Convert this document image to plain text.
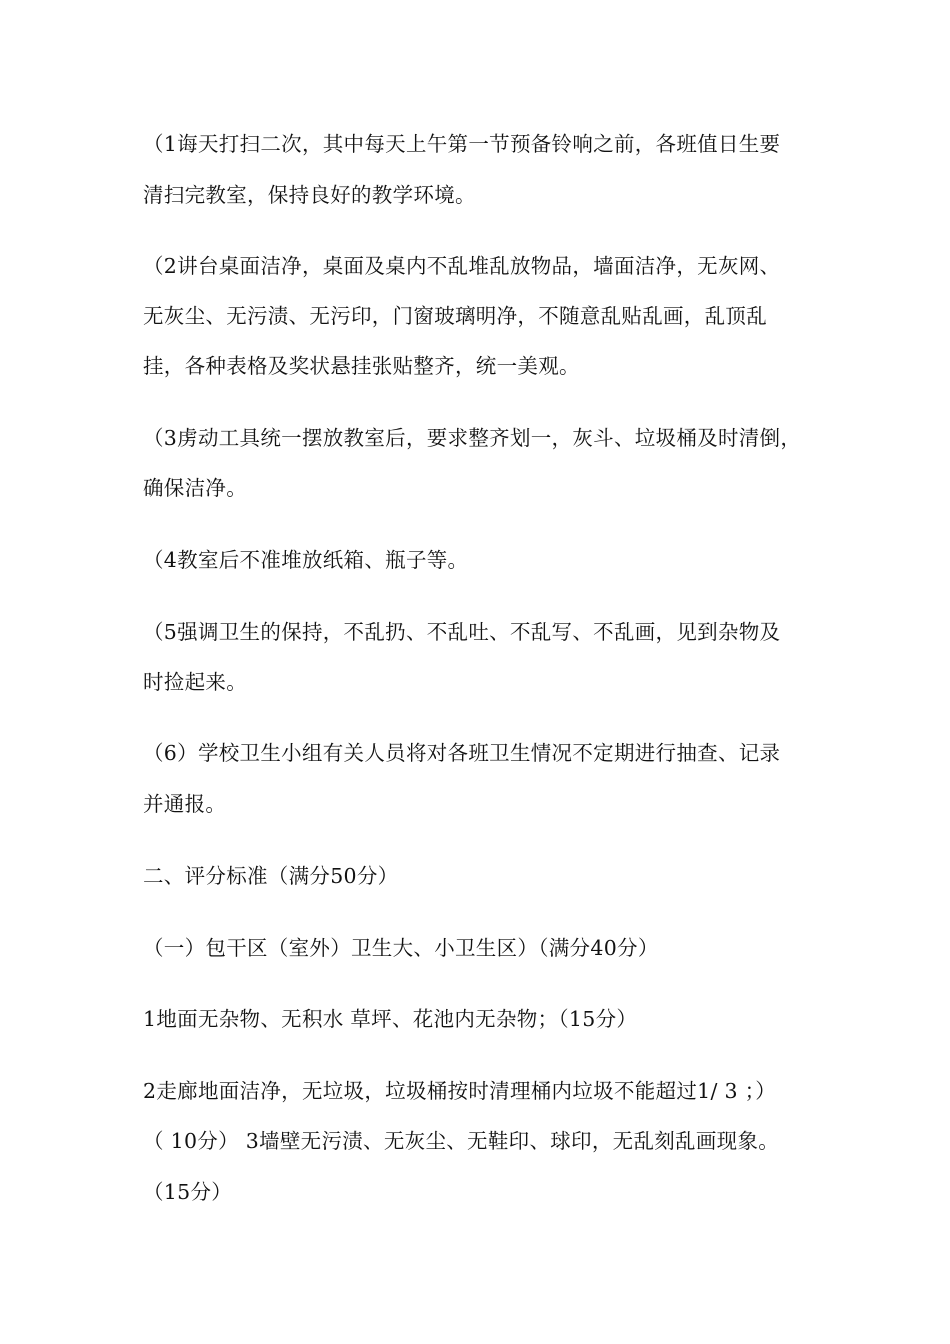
（1诲天打扫二次，其中每天上午第一节预备铃响之前，各班值日生要
清扫完教室，保持良好的教学环境。
（2讲台桌面洁净，桌面及桌内不乱堆乱放物品，墙面洁净，无灰网、
无灰尘、无污渍、无污印，门窗玻璃明净，不随意乱贴乱画，乱顶乱
挂，各种表格及奖状悬挂张贴整齐，统一美观。
（3虏动工具统一摆放教室后，要求整齐划一，灰斗、垃圾桶及时清倒，
确保洁净。
（4教室后不准堆放纸箱、瓶子等。
（5强调卫生的保持，不乱扔、不乱吐、不乱写、不乱画，见到杂物及
时捡起来。
（6）学校卫生小组有关人员将对各班卫生情况不定期进行抽查、记录
并通报。
二、评分标准（满分50分）
（一）包干区（室外）卫生大、小卫生区）（满分40分）
1地面无杂物、无积水 草坪、花池内无杂物；（15分）
2走廊地面洁净，无垃圾，垃圾桶按时清理桶内垃圾不能超过1/ 3 ；）
（ 10分） 3墙壁无污渍、无灰尘、无鞋印、球印，无乱刻乱画现象。
（15分）
